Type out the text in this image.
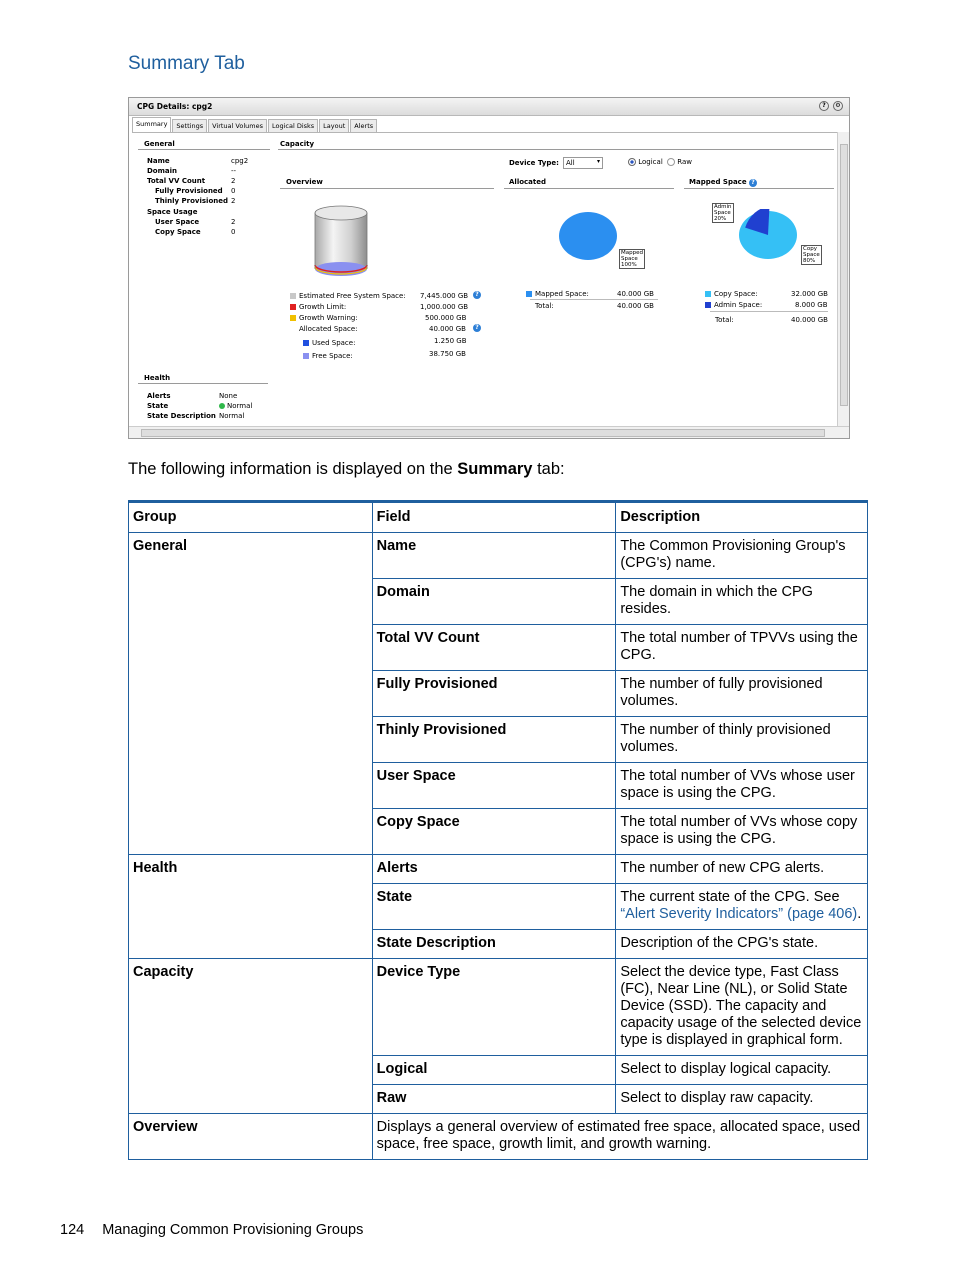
Summary Tab
CPG Details: cpg2	?	⚙
Summary	Settings	Virtual Volumes	Logical Disks	Layout	Alerts
General
Name	cpg2
Domain	--
Total VV Count	2
Fully Provisioned 0
Thinly Provisioned 2
Space Usage
User Space	2
Copy Space	0
Health
Alerts	None
State	Normal
State Description Normal
Capacity
Device Type: All	▾	Logical	Raw
Overview	Allocated	Mapped Space ?
Estimated Free System Space: 7,445.000 GB	?
Growth Limit:	1,000.000 GB
Growth Warning:	500.000 GB
Allocated Space:	40.000 GB	?
Used Space:	1.250 GB
Free Space:	38.750 GB
Mapped
Space
100%
Mapped Space:	40.000 GB
Total:	40.000 GB
Admin
Space
20%
Copy
Space
80%
Copy Space:	32.000 GB
Admin Space:	8.000 GB
Total:	40.000 GB
The following information is displayed on the Summary tab:
Group	Field	Description
General	Name	The Common Provisioning Group's (CPG's) name.
	Domain	The domain in which the CPG resides.
	Total VV Count	The total number of TPVVs using the CPG.
	Fully Provisioned	The number of fully provisioned volumes.
	Thinly Provisioned	The number of thinly provisioned volumes.
	User Space	The total number of VVs whose user space is using the CPG.
	Copy Space	The total number of VVs whose copy space is using the CPG.
Health	Alerts	The number of new CPG alerts.
	State	The current state of the CPG. See “Alert Severity Indicators” (page 406).
	State Description	Description of the CPG's state.
Capacity	Device Type	Select the device type, Fast Class (FC), Near Line (NL), or Solid State Device (SSD). The capacity and capacity usage of the selected device type is displayed in graphical form.
	Logical	Select to display logical capacity.
	Raw	Select to display raw capacity.
Overview	Displays a general overview of estimated free space, allocated space, used space, free space, growth limit, and growth warning.	
124 Managing Common Provisioning Groups
